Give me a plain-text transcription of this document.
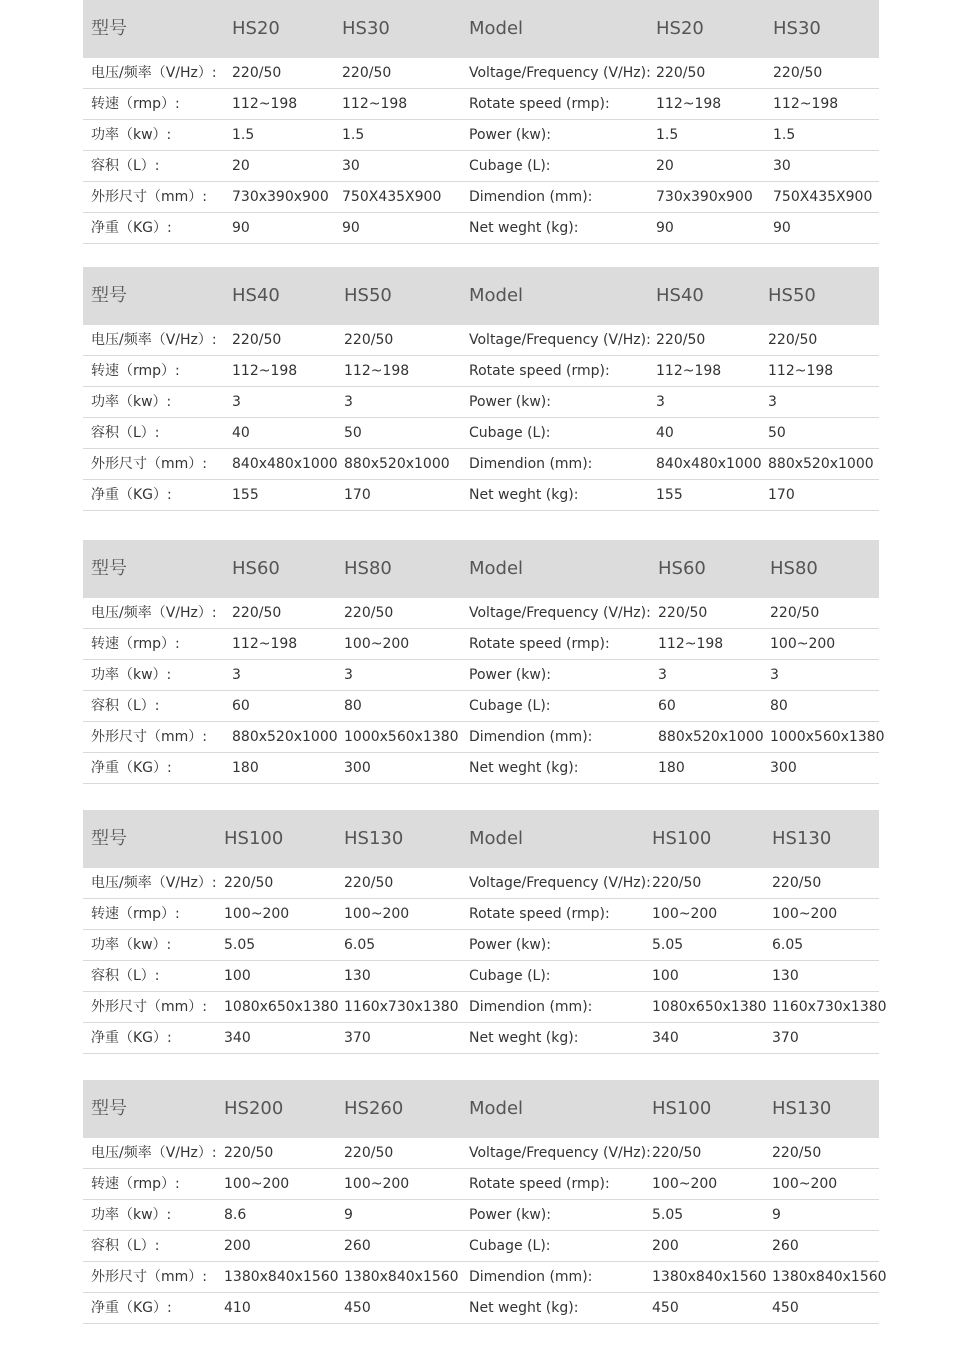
型号	HS20	HS30	Model	HS20	HS30
电压/频率（V/Hz）: 220/50	220/50	Voltage/Frequency (V/Hz): 220/50	220/50
转速（rmp）:	112~198	112~198	Rotate speed (rmp):	112~198	112~198
功率（kw）:	1.5	1.5	Power (kw):	1.5	1.5
容积（L）:	20	30	Cubage (L):	20	30
外形尺寸（mm）: 730x390x900 750X435X900 Dimendion (mm):	730x390x900 750X435X900
净重（KG）:	90	90	Net weght (kg):	90	90
型号	HS40	HS50	Model	HS40	HS50
电压/频率（V/Hz）: 220/50	220/50	Voltage/Frequency (V/Hz): 220/50	220/50
转速（rmp）:	112~198	112~198	Rotate speed (rmp):	112~198	112~198
功率（kw）:	3	3	Power (kw):	3	3
容积（L）:	40	50	Cubage (L):	40	50
外形尺寸（mm）: 840x480x1000 880x520x1000 Dimendion (mm):	840x480x1000 880x520x1000
净重（KG）:	155	170	Net weght (kg):	155	170
型号	HS60	HS80	Model	HS60	HS80
电压/频率（V/Hz）: 220/50	220/50	Voltage/Frequency (V/Hz): 220/50	220/50
转速（rmp）:	112~198	100~200	Rotate speed (rmp):	112~198	100~200
功率（kw）:	3	3	Power (kw):	3	3
容积（L）:	60	80	Cubage (L):	60	80
外形尺寸（mm）: 880x520x1000 1000x560x1380 Dimendion (mm):	880x520x1000 1000x560x1380
净重（KG）:	180	300	Net weght (kg):	180	300
型号	HS100	HS130	Model	HS100	HS130
电压/频率（V/Hz）: 220/50	220/50	Voltage/Frequency (V/Hz): 220/50	220/50
转速（rmp）:	100~200	100~200	Rotate speed (rmp):	100~200	100~200
功率（kw）:	5.05	6.05	Power (kw):	5.05	6.05
容积（L）:	100	130	Cubage (L):	100	130
外形尺寸（mm）: 1080x650x1380 1160x730x1380 Dimendion (mm):	1080x650x1380 1160x730x1380
净重（KG）:	340	370	Net weght (kg):	340	370
型号	HS200	HS260	Model	HS100	HS130
电压/频率（V/Hz）: 220/50	220/50	Voltage/Frequency (V/Hz): 220/50	220/50
转速（rmp）:	100~200	100~200	Rotate speed (rmp):	100~200	100~200
功率（kw）:	8.6	9	Power (kw):	5.05	9
容积（L）:	200	260	Cubage (L):	200	260
外形尺寸（mm）: 1380x840x1560 1380x840x1560 Dimendion (mm):	1380x840x1560 1380x840x1560
净重（KG）:	410	450	Net weght (kg):	450	450
